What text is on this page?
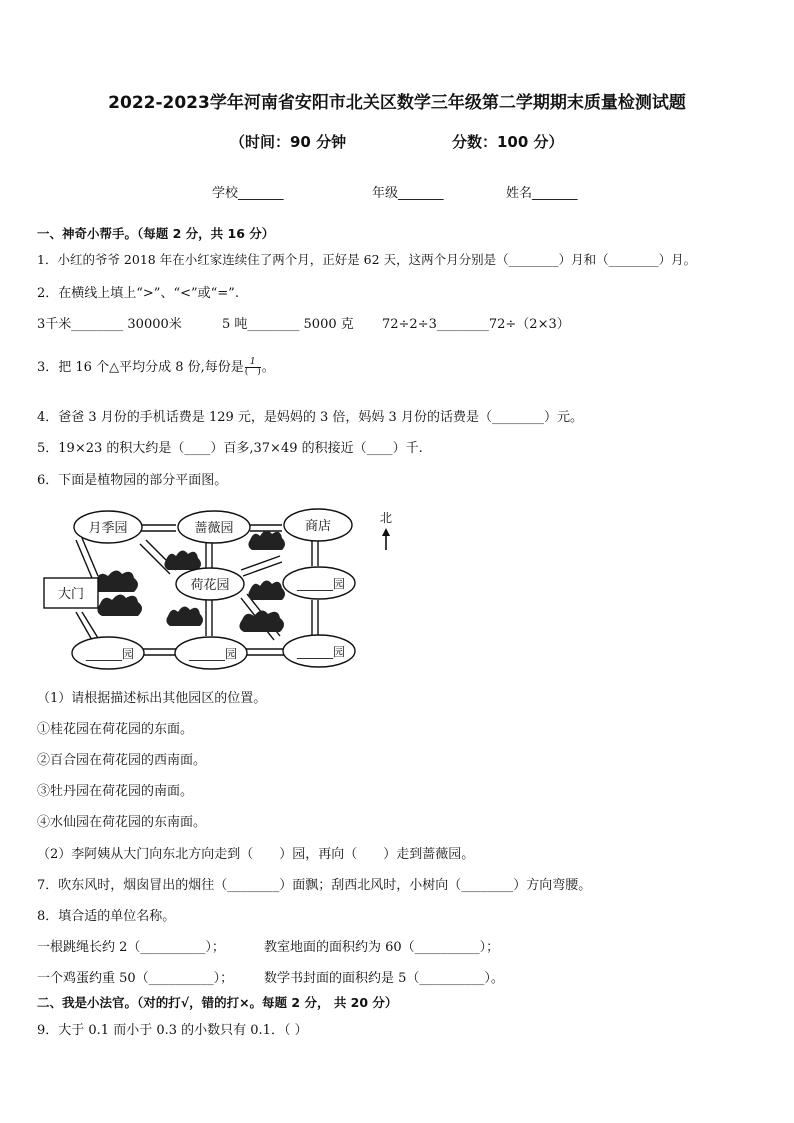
2022-2023学年河南省安阳市北关区数学三年级第二学期期末质量检测试题
（时间：90 分钟	分数：100 分）
学校_______	年级_______	姓名_______
一、神奇小帮手。（每题 2 分，共 16 分）
1．小红的爷爷 2018 年在小红家连续住了两个月，正好是 62 天，这两个月分别是（________）月和（________）月。
2．在横线上填上“>”、“<”或“=”.
3千米________ 30000米	5 吨________ 5000 克 72÷2÷3________72÷（2×3）
3．把 16 个△平均分成 8 份,每份是 $\frac{1}{( )}$ 。
4．爸爸 3 月份的手机话费是 129 元，是妈妈的 3 倍，妈妈 3 月份的话费是（________）元。
5．19×23 的积大约是（____）百多,37×49 的积接近（____）千.
6．下面是植物园的部分平面图。
月季园	蔷薇园	商店
荷花园	______园
______园	______园	______园
大门
北
（1）请根据描述标出其他园区的位置。
①桂花园在荷花园的东面。
②百合园在荷花园的西南面。
③牡丹园在荷花园的南面。
④水仙园在荷花园的东南面。
（2）李阿姨从大门向东北方向走到（　　）园，再向（　　）走到蔷薇园。
7．吹东风时，烟囱冒出的烟往（________）面飘；刮西北风时，小树向（________）方向弯腰。
8．填合适的单位名称。
一根跳绳长约 2（__________）；	教室地面的面积约为 60（__________）；
一个鸡蛋约重 50（__________）； 数学书封面的面积约是 5（__________）。
二、我是小法官。（对的打√，错的打×。每题 2 分， 共 20 分）
9．大于 0.1 而小于 0.3 的小数只有 0.1．（ ）
